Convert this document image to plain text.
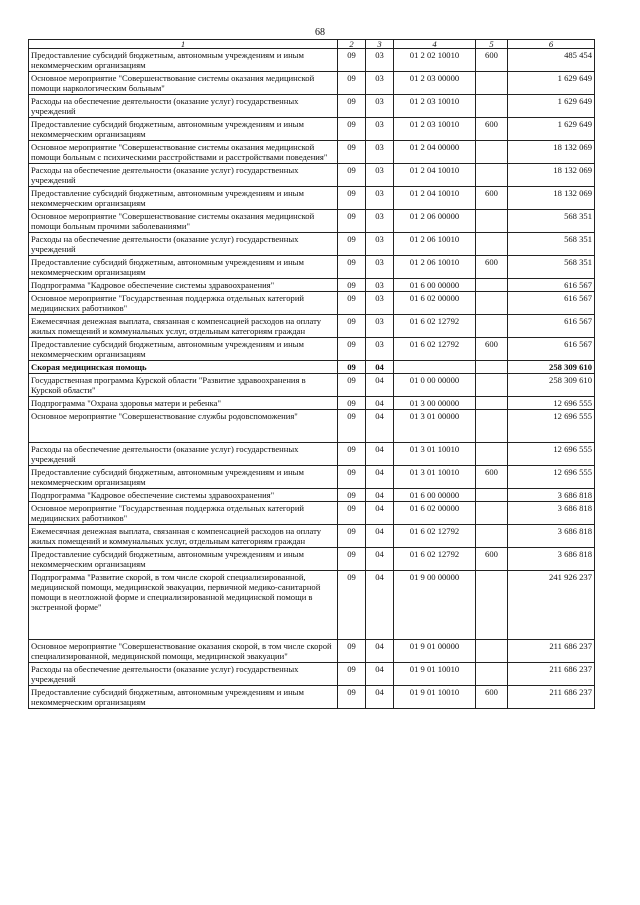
68
1	2	3	4	5	6
Предоставление субсидий бюджетным, автономным учреждениям и иным некоммерческим организациям	09	03	01 2 02 10010	600	485 454
Основное мероприятие "Совершенствование системы оказания медицинской помощи наркологическим больным"	09	03	01 2 03 00000		1 629 649
Расходы на обеспечение деятельности (оказание услуг) государственных учреждений	09	03	01 2 03 10010		1 629 649
Предоставление субсидий бюджетным, автономным учреждениям и иным некоммерческим организациям	09	03	01 2 03 10010	600	1 629 649
Основное мероприятие "Совершенствование системы оказания медицинской помощи больным с психическими расстройствами и расстройствами поведения"	09	03	01 2 04 00000		18 132 069
Расходы на обеспечение деятельности (оказание услуг) государственных учреждений	09	03	01 2 04 10010		18 132 069
Предоставление субсидий бюджетным, автономным учреждениям и иным некоммерческим организациям	09	03	01 2 04 10010	600	18 132 069
Основное мероприятие "Совершенствование системы оказания медицинской помощи больным прочими заболеваниями"	09	03	01 2 06 00000		568 351
Расходы на обеспечение деятельности (оказание услуг) государственных учреждений	09	03	01 2 06 10010		568 351
Предоставление субсидий бюджетным, автономным учреждениям и иным некоммерческим организациям	09	03	01 2 06 10010	600	568 351
Подпрограмма "Кадровое обеспечение системы здравоохранения"	09	03	01 6 00 00000		616 567
Основное мероприятие "Государственная поддержка отдельных категорий медицинских работников"	09	03	01 6 02 00000		616 567
Ежемесячная денежная выплата, связанная с компенсацией расходов на оплату жилых помещений и коммунальных услуг, отдельным категориям граждан	09	03	01 6 02 12792		616 567
Предоставление субсидий бюджетным, автономным учреждениям и иным некоммерческим организациям	09	03	01 6 02 12792	600	616 567
Скорая медицинская помощь	09	04			258 309 610
Государственная программа Курской области "Развитие здравоохранения в Курской области"	09	04	01 0 00 00000		258 309 610
Подпрограмма "Охрана здоровья матери и ребенка"	09	04	01 3 00 00000		12 696 555
Основное мероприятие "Совершенствование службы родовспоможения"	09	04	01 3 01 00000		12 696 555
Расходы на обеспечение деятельности (оказание услуг) государственных учреждений	09	04	01 3 01 10010		12 696 555
Предоставление субсидий бюджетным, автономным учреждениям и иным некоммерческим организациям	09	04	01 3 01 10010	600	12 696 555
Подпрограмма "Кадровое обеспечение системы здравоохранения"	09	04	01 6 00 00000		3 686 818
Основное мероприятие "Государственная поддержка отдельных категорий медицинских работников"	09	04	01 6 02 00000		3 686 818
Ежемесячная денежная выплата, связанная с компенсацией расходов на оплату жилых помещений и коммунальных услуг, отдельным категориям граждан	09	04	01 6 02 12792		3 686 818
Предоставление субсидий бюджетным, автономным учреждениям и иным некоммерческим организациям	09	04	01 6 02 12792	600	3 686 818
Подпрограмма "Развитие скорой, в том числе скорой специализированной, медицинской помощи, медицинской эвакуации, первичной медико-санитарной помощи в неотложной форме и специализированной медицинской помощи в экстренной форме"	09	04	01 9 00 00000		241 926 237
Основное мероприятие "Совершенствование оказания скорой, в том числе скорой специализированной, медицинской помощи, медицинской эвакуации"	09	04	01 9 01 00000		211 686 237
Расходы на обеспечение деятельности (оказание услуг) государственных учреждений	09	04	01 9 01 10010		211 686 237
Предоставление субсидий бюджетным, автономным учреждениям и иным некоммерческим организациям	09	04	01 9 01 10010	600	211 686 237
